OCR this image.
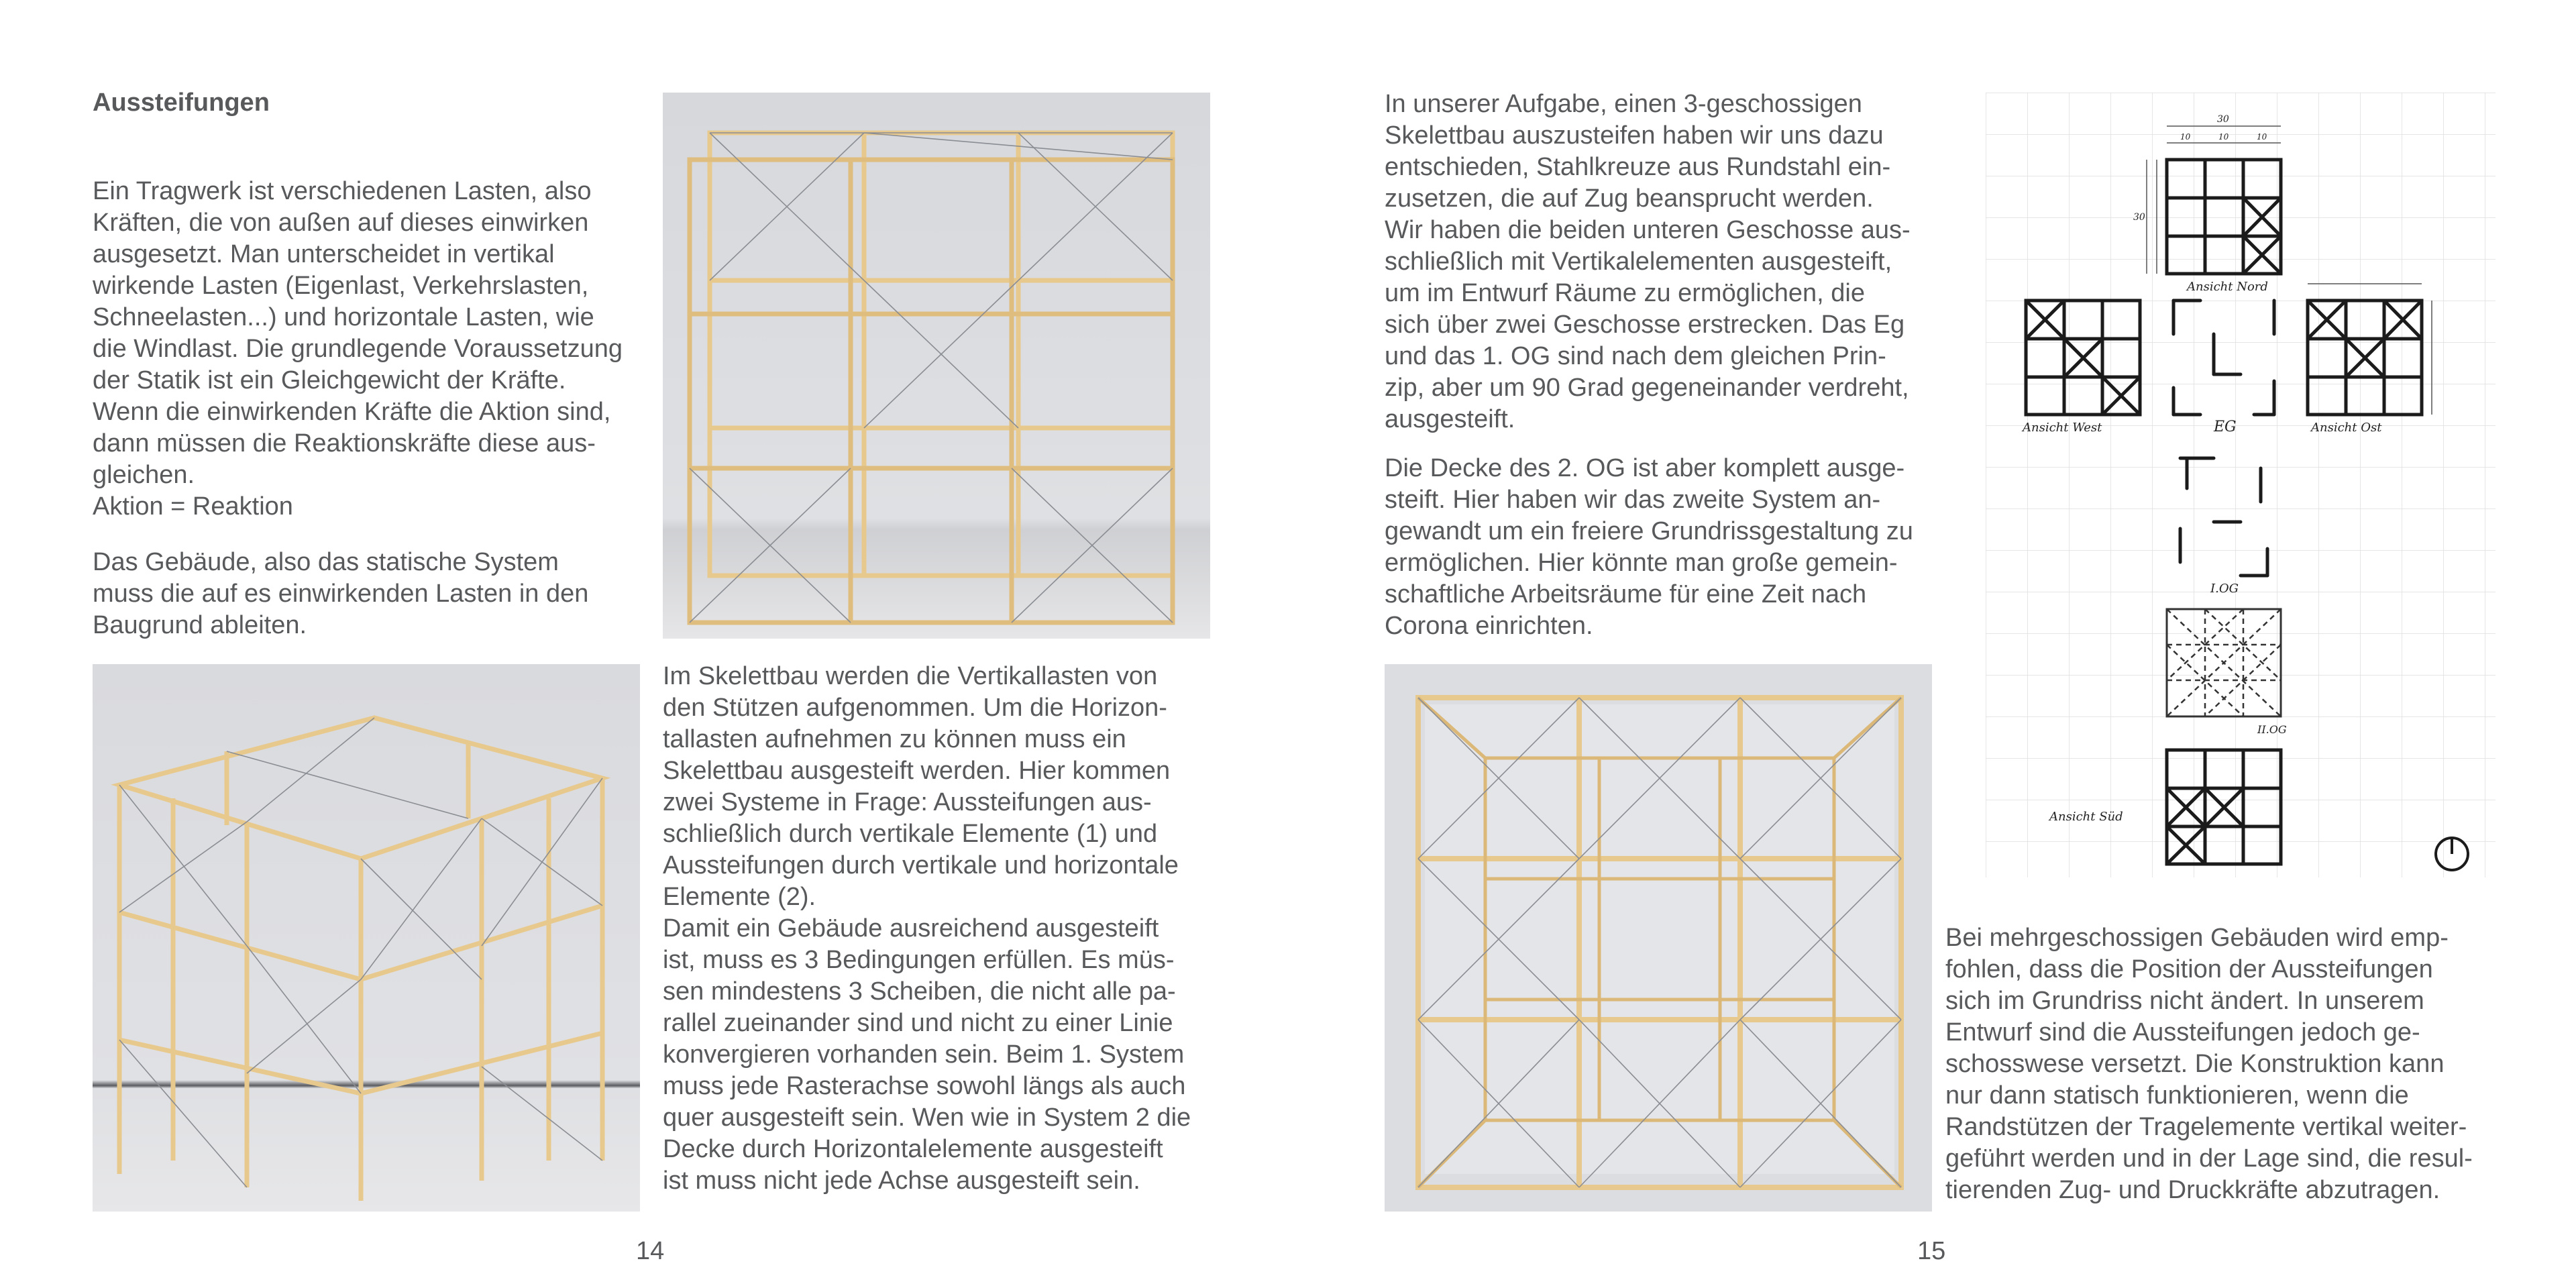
Aussteifungen

Ein Tragwerk ist verschiedenen Lasten, also
Kräften, die von außen auf dieses einwirken
ausgesetzt. Man unterscheidet in vertikal
wirkende Lasten (Eigenlast, Verkehrslasten,
Schneelasten...) und horizontale Lasten, wie
die Windlast. Die grundlegende Voraussetzung
der Statik ist ein Gleichgewicht der Kräfte.
Wenn die einwirkenden Kräfte die Aktion sind,
dann müssen die Reaktionskräfte diese aus-
gleichen.
Aktion = Reaktion

Das Gebäude, also das statische System
muss die auf es einwirkenden Lasten in den
Baugrund ableiten.

Im Skelettbau werden die Vertikallasten von
den Stützen aufgenommen. Um die Horizon-
tallasten aufnehmen zu können muss ein
Skelettbau ausgesteift werden. Hier kommen
zwei Systeme in Frage: Aussteifungen aus-
schließlich durch vertikale Elemente (1) und
Aussteifungen durch vertikale und horizontale
Elemente (2).
Damit ein Gebäude ausreichend ausgesteift
ist, muss es 3 Bedingungen erfüllen. Es müs-
sen mindestens 3 Scheiben, die nicht alle pa-
rallel zueinander sind und nicht zu einer Linie
konvergieren vorhanden sein. Beim 1. System
muss jede Rasterachse sowohl längs als auch
quer ausgesteift sein. Wen wie in System 2 die
Decke durch Horizontalelemente ausgesteift
ist muss nicht jede Achse ausgesteift sein.

14

In unserer Aufgabe, einen 3-geschossigen
Skelettbau auszusteifen haben wir uns dazu
entschieden, Stahlkreuze aus Rundstahl ein-
zusetzen, die auf Zug beansprucht werden.
Wir haben die beiden unteren Geschosse aus-
schließlich mit Vertikalelementen ausgesteift,
um im Entwurf Räume zu ermöglichen, die
sich über zwei Geschosse erstrecken. Das Eg
und das 1. OG sind nach dem gleichen Prin-
zip, aber um 90 Grad gegeneinander verdreht,
ausgesteift.

Die Decke des 2. OG ist aber komplett ausge-
steift. Hier haben wir das zweite System an-
gewandt um ein freiere Grundrissgestaltung zu
ermöglichen. Hier könnte man große gemein-
schaftliche Arbeitsräume für eine Zeit nach
Corona einrichten.

30
10	10	10
30
Ansicht Nord
Ansicht West	EG	Ansicht Ost
I.OG
II.OG
Ansicht Süd

Bei mehrgeschossigen Gebäuden wird emp-
fohlen, dass die Position der Aussteifungen
sich im Grundriss nicht ändert. In unserem
Entwurf sind die Aussteifungen jedoch ge-
schosswese versetzt. Die Konstruktion kann
nur dann statisch funktionieren, wenn die
Randstützen der Tragelemente vertikal weiter-
geführt werden und in der Lage sind, die resul-
tierenden Zug- und Druckkräfte abzutragen.

15
